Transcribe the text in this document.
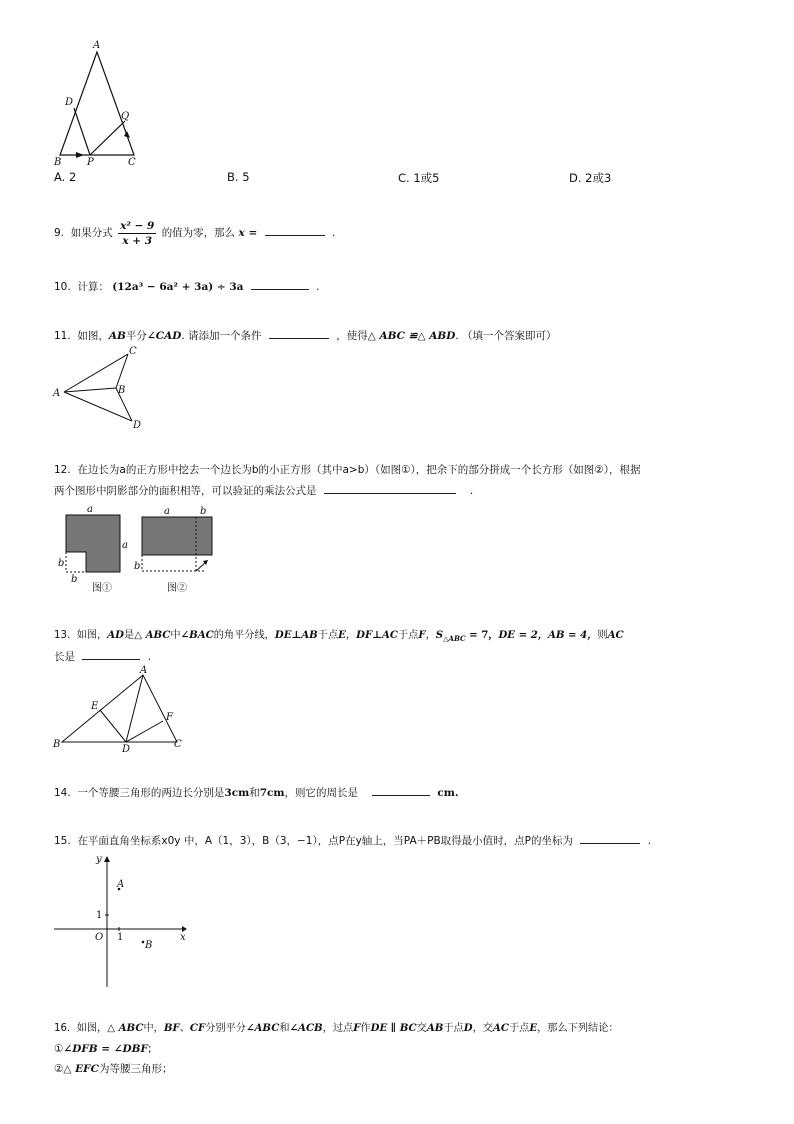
A
D
Q
B	P	C
A. 2	B. 5	C. 1或5	D. 2或3
9. 如果分式 $\frac{\text{x² − 9}}{x + 3}$ 的值为零，那么 x =	.
10. 计算： (12a³ − 6a² + 3a) ÷ 3a	.
11. 如图，AB平分∠CAD. 请添加一个条件	，使得△ ABC ≌△ ABD. （填一个答案即可）
C
A	B
D
12. 在边长为a的正方形中挖去一个边长为b的小正方形（其中a>b）（如图①），把余下的部分拼成一个长方形（如图②），根据
两个图形中阴影部分的面积相等，可以验证的乘法公式是	.
a
a
b
b
图①
a	b
b
图②
13. 如图，AD是△ ABC中∠BAC的角平分线，DE⊥AB于点E，DF⊥AC于点F，$S_{\triangle ABC} = 7$，DE = 2，AB = 4，则AC
长是	.
A
E
F
B	D	C
14. 一个等腰三角形的两边长分别是3cm和7cm，则它的周长是	cm.
15. 在平面直角坐标系x0y 中，A（1，3），B（3，−1），点P在y轴上，当PA＋PB取得最小值时，点P的坐标为	.
y
x
O
1
1
A
B
16. 如图，△ ABC中，BF、CF分别平分∠ABC和∠ACB，过点F作DE ∥ BC交AB于点D，交AC于点E，那么下列结论：
①∠DFB = ∠DBF;
②△ EFC为等腰三角形；
